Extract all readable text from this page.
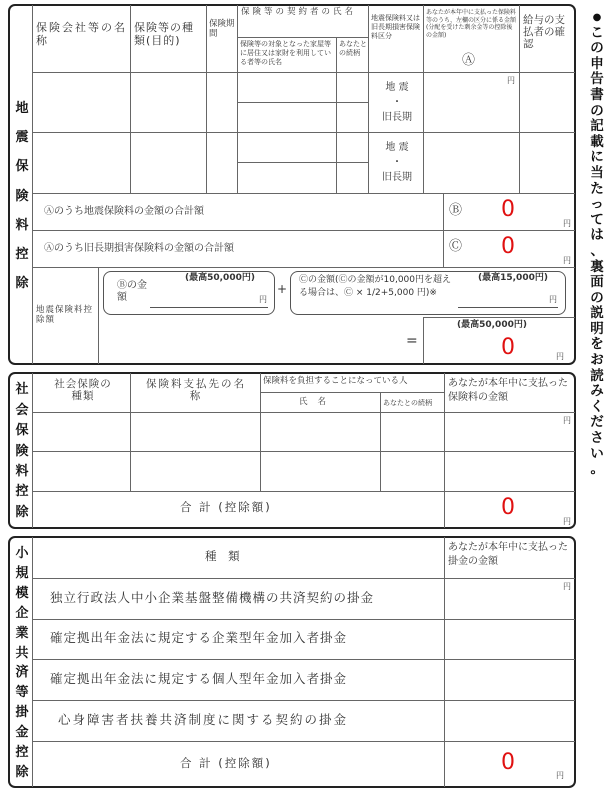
地
震
保
険
料
控
除
保険会社等の名称
保険等の種類(目的)
保険期間
保険等の契約者の氏名
保険等の対象となった家屋等に居住又は家財を利用している者等の氏名
あなたとの続柄
地震保険料又は旧長期損害保険料区分
あなたが本年中に支払った保険料等のうち、左欄の区分に係る金額(分配を受けた剰余金等の控除後の金額)
Ⓐ
給与の支払者の確認
円
地 震
・
旧長期
地 震
・
旧長期
Ⓐのうち地震保険料の金額の合計額	Ⓑ 0
円
Ⓐのうち旧長期損害保険料の金額の合計額	Ⓒ 0
円
地震保険料控除額
Ⓑの金額
(最高50,000円)
円
+
Ⓒの金額(Ⓒの金額が10,000円を超える場合は、Ⓒ × 1/2+5,000 円)※
(最高15,000円)
円
=
(最高50,000円)
0	円
社
会
保
険
料
控
除
社会保険の種類
保険料支払先の名称
保険料を負担することになっている人
氏名	あなたとの続柄
あなたが本年中に支払った保険料の金額
円
合 計 (控除額)	0
円
小
規
模
企
業
共
済
等
掛
金
控
除
種 類
あなたが本年中に支払った掛金の金額
円
独立行政法人中小企業基盤整備機構の共済契約の掛金
確定拠出年金法に規定する企業型年金加入者掛金
確定拠出年金法に規定する個人型年金加入者掛金
心身障害者扶養共済制度に関する契約の掛金
合 計 (控除額)	0
円
●
こ
の
申
告
書
の
記
載
に
当
た
っ
て
は
、
裏
面
の
説
明
を
お
読
み
く
だ
さ
い
。
